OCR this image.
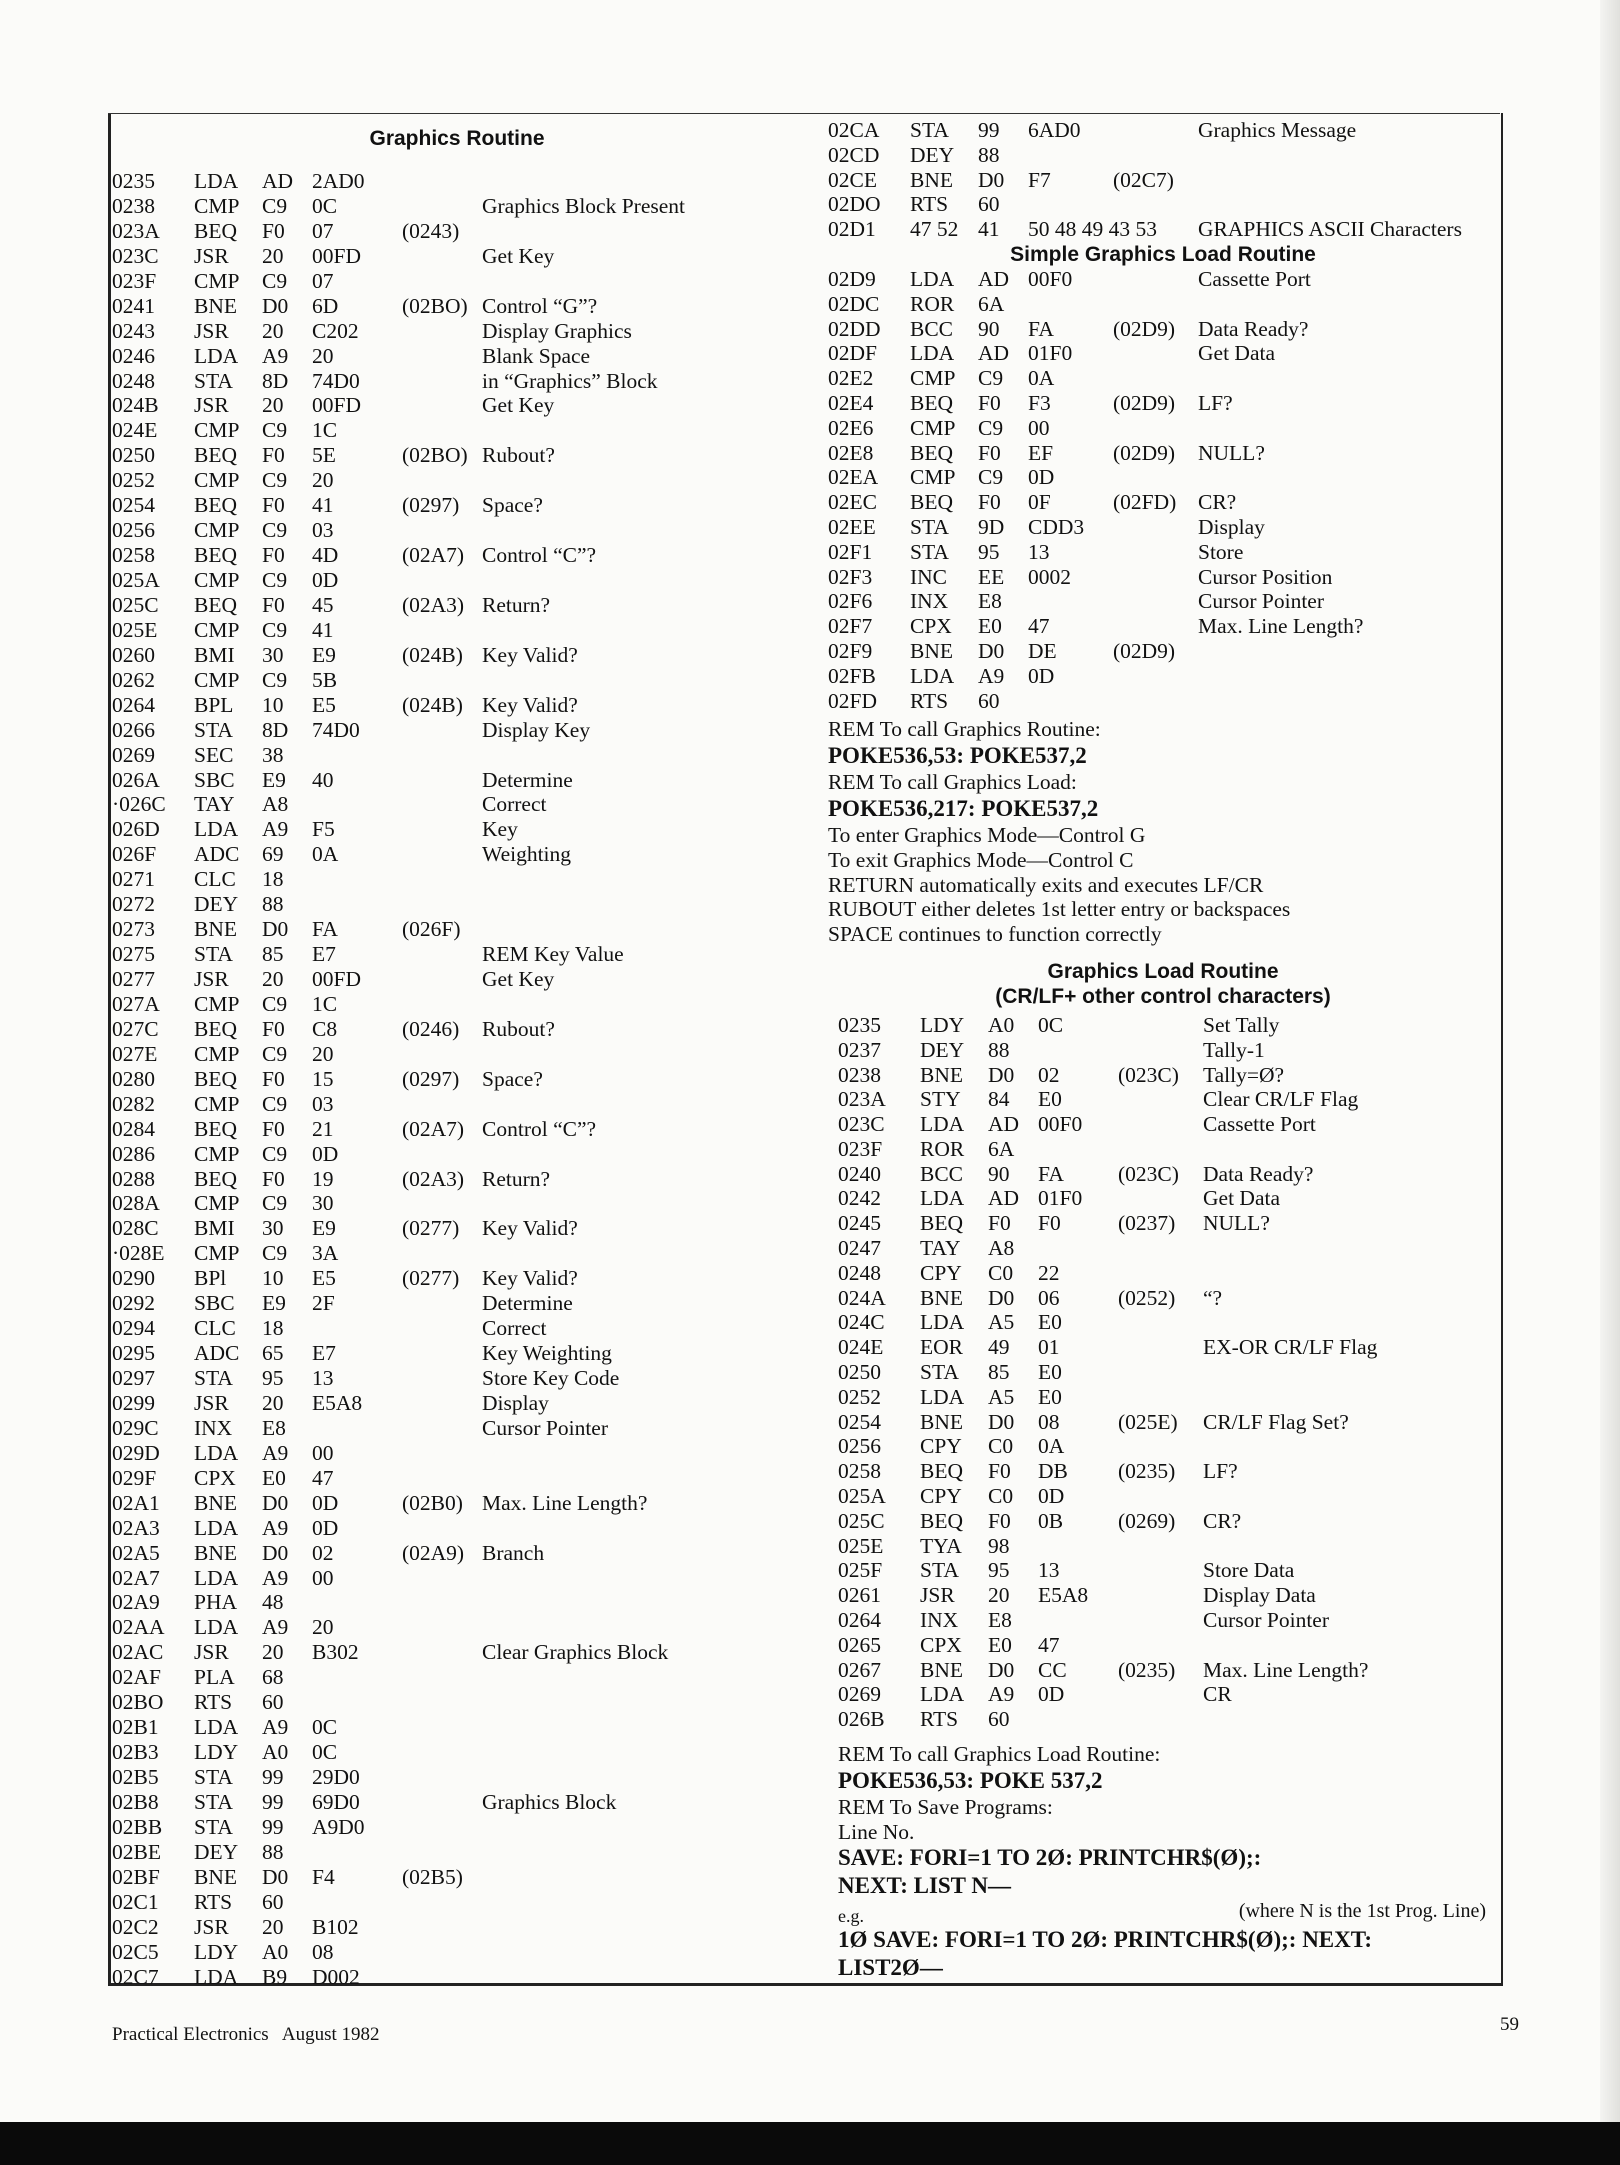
Graphics Routine
0235 LDA AD 2AD0
0238 CMP C9 0C	Graphics Block Present
023A BEQ F0 07	(0243)
023C JSR 20 00FD	Get Key
023F CMP C9 07
0241 BNE D0 6D	(02BO) Control “G”?
0243 JSR 20 C202	Display Graphics
0246 LDA A9 20	Blank Space
0248 STA 8D 74D0	in “Graphics” Block
024B JSR 20 00FD	Get Key
024E CMP C9 1C
0250 BEQ F0 5E	(02BO) Rubout?
0252 CMP C9 20
0254 BEQ F0 41	(0297) Space?
0256 CMP C9 03
0258 BEQ F0 4D	(02A7) Control “C”?
025A CMP C9 0D
025C BEQ F0 45	(02A3) Return?
025E CMP C9 41
0260 BMI 30 E9	(024B) Key Valid?
0262 CMP C9 5B
0264 BPL 10 E5	(024B) Key Valid?
0266 STA 8D 74D0	Display Key
0269 SEC 38
026A SBC E9 40	Determine
·026C TAY A8	Correct
026D LDA A9 F5	Key
026F ADC 69 0A	Weighting
0271 CLC 18
0272 DEY 88
0273 BNE D0 FA	(026F)
0275 STA 85 E7	REM Key Value
0277 JSR 20 00FD	Get Key
027A CMP C9 1C
027C BEQ F0 C8	(0246) Rubout?
027E CMP C9 20
0280 BEQ F0 15	(0297) Space?
0282 CMP C9 03
0284 BEQ F0 21	(02A7) Control “C”?
0286 CMP C9 0D
0288 BEQ F0 19	(02A3) Return?
028A CMP C9 30
028C BMI 30 E9	(0277) Key Valid?
·028E CMP C9 3A
0290 BPl 10 E5	(0277) Key Valid?
0292 SBC E9 2F	Determine
0294 CLC 18	Correct
0295 ADC 65 E7	Key Weighting
0297 STA 95 13	Store Key Code
0299 JSR 20 E5A8	Display
029C INX E8	Cursor Pointer
029D LDA A9 00
029F CPX E0 47
02A1 BNE D0 0D	(02B0) Max. Line Length?
02A3 LDA A9 0D
02A5 BNE D0 02	(02A9) Branch
02A7 LDA A9 00
02A9 PHA 48
02AA LDA A9 20
02AC JSR 20 B302	Clear Graphics Block
02AF PLA 68
02BO RTS 60
02B1 LDA A9 0C
02B3 LDY A0 0C
02B5 STA 99 29D0
02B8 STA 99 69D0	Graphics Block
02BB STA 99 A9D0
02BE DEY 88
02BF BNE D0 F4	(02B5)
02C1 RTS 60
02C2 JSR 20 B102
02C5 LDY A0 08
02C7 LDA B9 D002
02CA STA 99 6AD0	Graphics Message
02CD DEY 88
02CE BNE D0 F7	(02C7)
02DO RTS 60
02D1 47 52 41 50 48 49 43 53 GRAPHICS ASCII Characters
Simple Graphics Load Routine
02D9 LDA AD 00F0	Cassette Port
02DC ROR 6A
02DD BCC 90 FA	(02D9) Data Ready?
02DF LDA AD 01F0	Get Data
02E2 CMP C9 0A
02E4 BEQ F0 F3	(02D9) LF?
02E6 CMP C9 00
02E8 BEQ F0 EF	(02D9) NULL?
02EA CMP C9 0D
02EC BEQ F0 0F	(02FD) CR?
02EE STA 9D CDD3	Display
02F1 STA 95 13	Store
02F3 INC EE 0002	Cursor Position
02F6 INX E8	Cursor Pointer
02F7 CPX E0 47	Max. Line Length?
02F9 BNE D0 DE	(02D9)
02FB LDA A9 0D
02FD RTS 60
REM To call Graphics Routine:
POKE536,53: POKE537,2
REM To call Graphics Load:
POKE536,217: POKE537,2
To enter Graphics Mode—Control G
To exit Graphics Mode—Control C
RETURN automatically exits and executes LF/CR
RUBOUT either deletes 1st letter entry or backspaces
SPACE continues to function correctly
Graphics Load Routine
(CR/LF+ other control characters)
0235 LDY A0 0C	Set Tally
0237 DEY 88	Tally-1
0238 BNE D0 02	(023C) Tally=Ø?
023A STY 84 E0	Clear CR/LF Flag
023C LDA AD 00F0	Cassette Port
023F ROR 6A
0240 BCC 90 FA	(023C) Data Ready?
0242 LDA AD 01F0	Get Data
0245 BEQ F0 F0	(0237) NULL?
0247 TAY A8
0248 CPY C0 22
024A BNE D0 06	(0252) “?
024C LDA A5 E0
024E EOR 49 01	EX-OR CR/LF Flag
0250 STA 85 E0
0252 LDA A5 E0
0254 BNE D0 08	(025E) CR/LF Flag Set?
0256 CPY C0 0A
0258 BEQ F0 DB (0235) LF?
025A CPY C0 0D
025C BEQ F0 0B	(0269) CR?
025E TYA 98
025F STA 95 13	Store Data
0261 JSR 20 E5A8	Display Data
0264 INX E8	Cursor Pointer
0265 CPX E0 47
0267 BNE D0 CC (0235) Max. Line Length?
0269 LDA A9 0D	CR
026B RTS 60
REM To call Graphics Load Routine:
POKE536,53: POKE 537,2
REM To Save Programs:
Line No.
SAVE: FORI=1 TO 2Ø: PRINTCHR$(Ø);:
NEXT: LIST N—
e.g.	(where N is the 1st Prog. Line)
1Ø SAVE: FORI=1 TO 2Ø: PRINTCHR$(Ø);: NEXT:
LIST2Ø—
Practical Electronics   August 1982	59
